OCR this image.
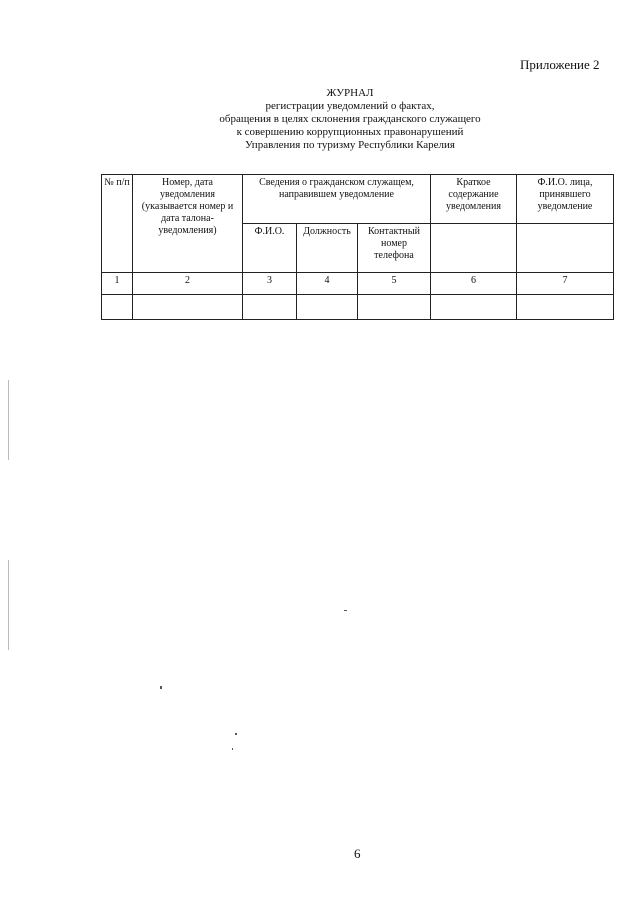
Приложение 2
ЖУРНАЛ
регистрации уведомлений о фактах,
обращения в целях склонения гражданского служащего
к совершению коррупционных правонарушений
Управления по туризму Республики Карелия
№ п/п	Номер, дата уведомления (указывается номер и дата талона-уведомления)	Сведения о гражданском служащем, направившем уведомление			Краткое содержание уведомления	Ф.И.О. лица, принявшего уведомление
		Ф.И.О.	Должность	Контактный номер телефона		
1	2	3	4	5	6	7

6
